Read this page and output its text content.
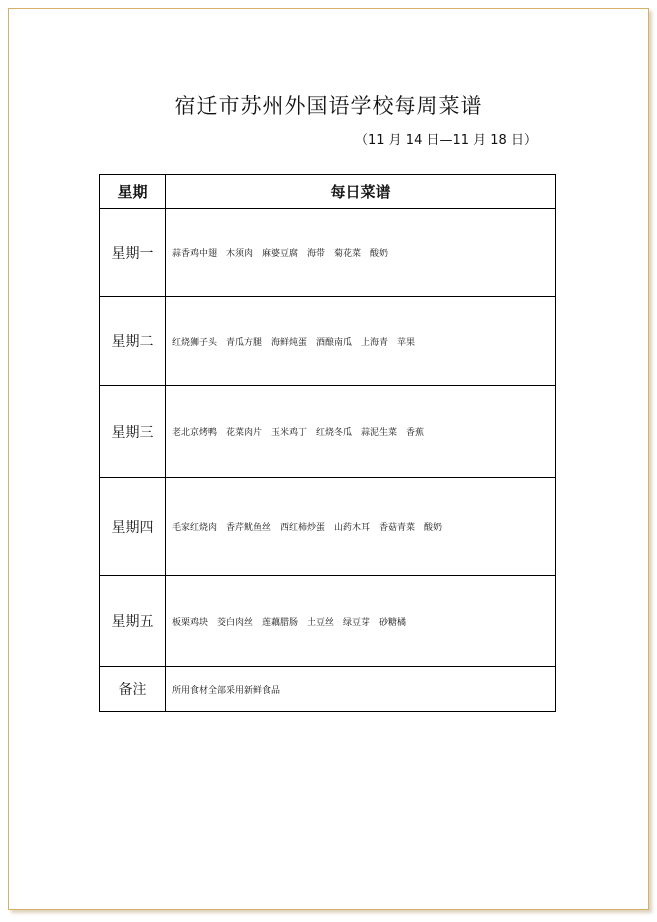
宿迁市苏州外国语学校每周菜谱
（11 月 14 日—11 月 18 日）
星期	每日菜谱
星期一	蒜香鸡中翅　木须肉　麻婆豆腐　海带　菊花菜　酸奶
星期二	红烧狮子头　青瓜方腿　海鲜炖蛋　酒酿南瓜　上海青　苹果
星期三	老北京烤鸭　花菜肉片　玉米鸡丁　红烧冬瓜　蒜泥生菜　香蕉
星期四	毛家红烧肉　香芹鱿鱼丝　西红柿炒蛋　山药木耳　香菇青菜　酸奶
星期五	板栗鸡块　茭白肉丝　莲藕腊肠　土豆丝　绿豆芽　砂糖橘
备注	所用食材全部采用新鲜食品
